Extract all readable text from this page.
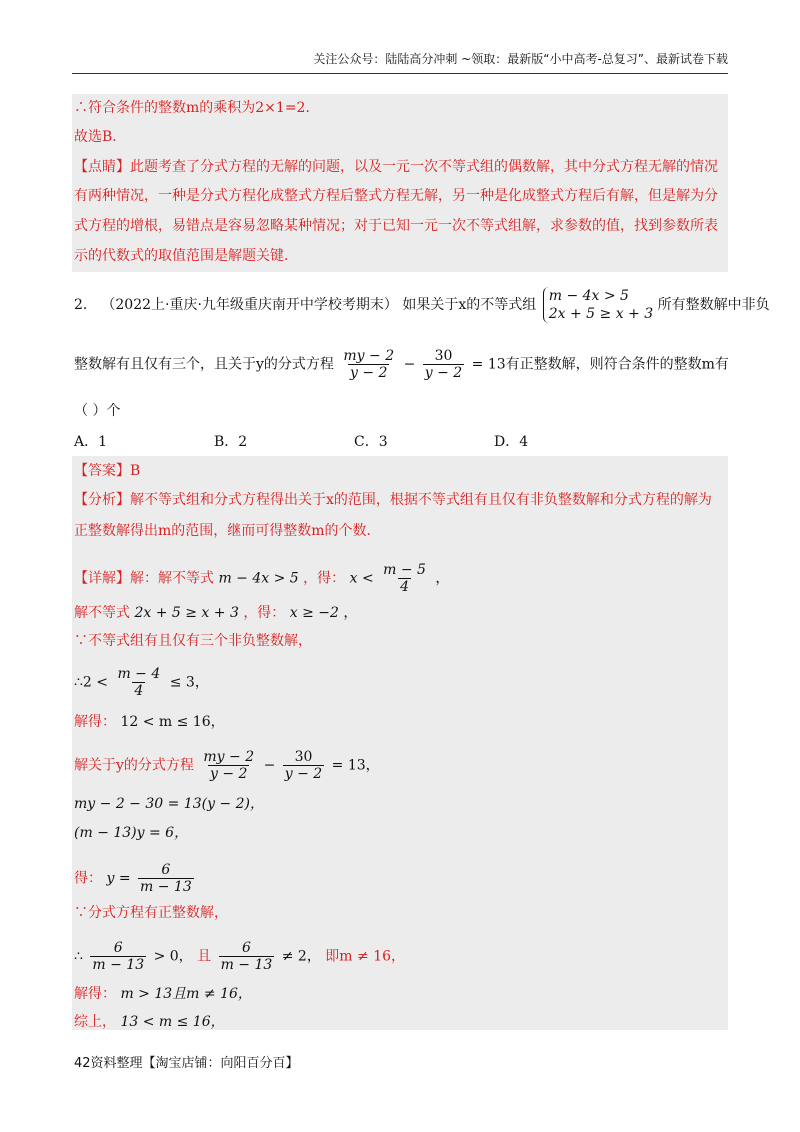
关注公众号：陆陆高分冲刺 ~领取：最新版“小中高考-总复习”、最新试卷下载
∴符合条件的整数m的乘积为2×1=2．
故选B．
【点睛】此题考查了分式方程的无解的问题，以及一元一次不等式组的偶数解，其中分式方程无解的情况
有两种情况，一种是分式方程化成整式方程后整式方程无解，另一种是化成整式方程后有解，但是解为分
式方程的增根，易错点是容易忽略某种情况；对于已知一元一次不等式组解，求参数的值，找到参数所表
示的代数式的取值范围是解题关键．
2． （2022上·重庆·九年级重庆南开中学校考期末） 如果关于x的不等式组 m − 4x > 5
2x + 5 ≥ x + 3 所有整数解中非负
整数解有且仅有三个，且关于y的分式方程 $\frac{my - 2}{y - 2} - \frac{30}{y - 2} = 13$有正整数解，则符合条件的整数m有
（ ）个
A．1	B．2	C．3	D．4
【答案】B
【分析】解不等式组和分式方程得出关于x的范围，根据不等式组有且仅有非负整数解和分式方程的解为
正整数解得出m的范围，继而可得整数m的个数．
【详解】解：解不等式 m − 4x > 5 ，得： $x < \frac{m - 5}{4}$ ，
解不等式 2x + 5 ≥ x + 3 ，得： x ≥ −2 ，
∵不等式组有且仅有三个非负整数解，
∴2 < $\frac{m - 4}{4} \le 3$，
解得： 12 < m ≤ 16，
解关于y的分式方程 $\frac{my - 2}{y - 2} - \frac{30}{y - 2} = 13$，
my − 2 − 30 = 13(y − 2)，
(m − 13)y = 6，
得： $y = \frac{6}{m - 13}$
∵分式方程有正整数解，
∴ $\frac{6}{m - 13} > 0$， 且 $\frac{6}{m - 13} \ne 2$， 即m ≠ 16，
解得： m > 13且m ≠ 16，
综上， 13 < m ≤ 16，
42资料整理【淘宝店铺：向阳百分百】
